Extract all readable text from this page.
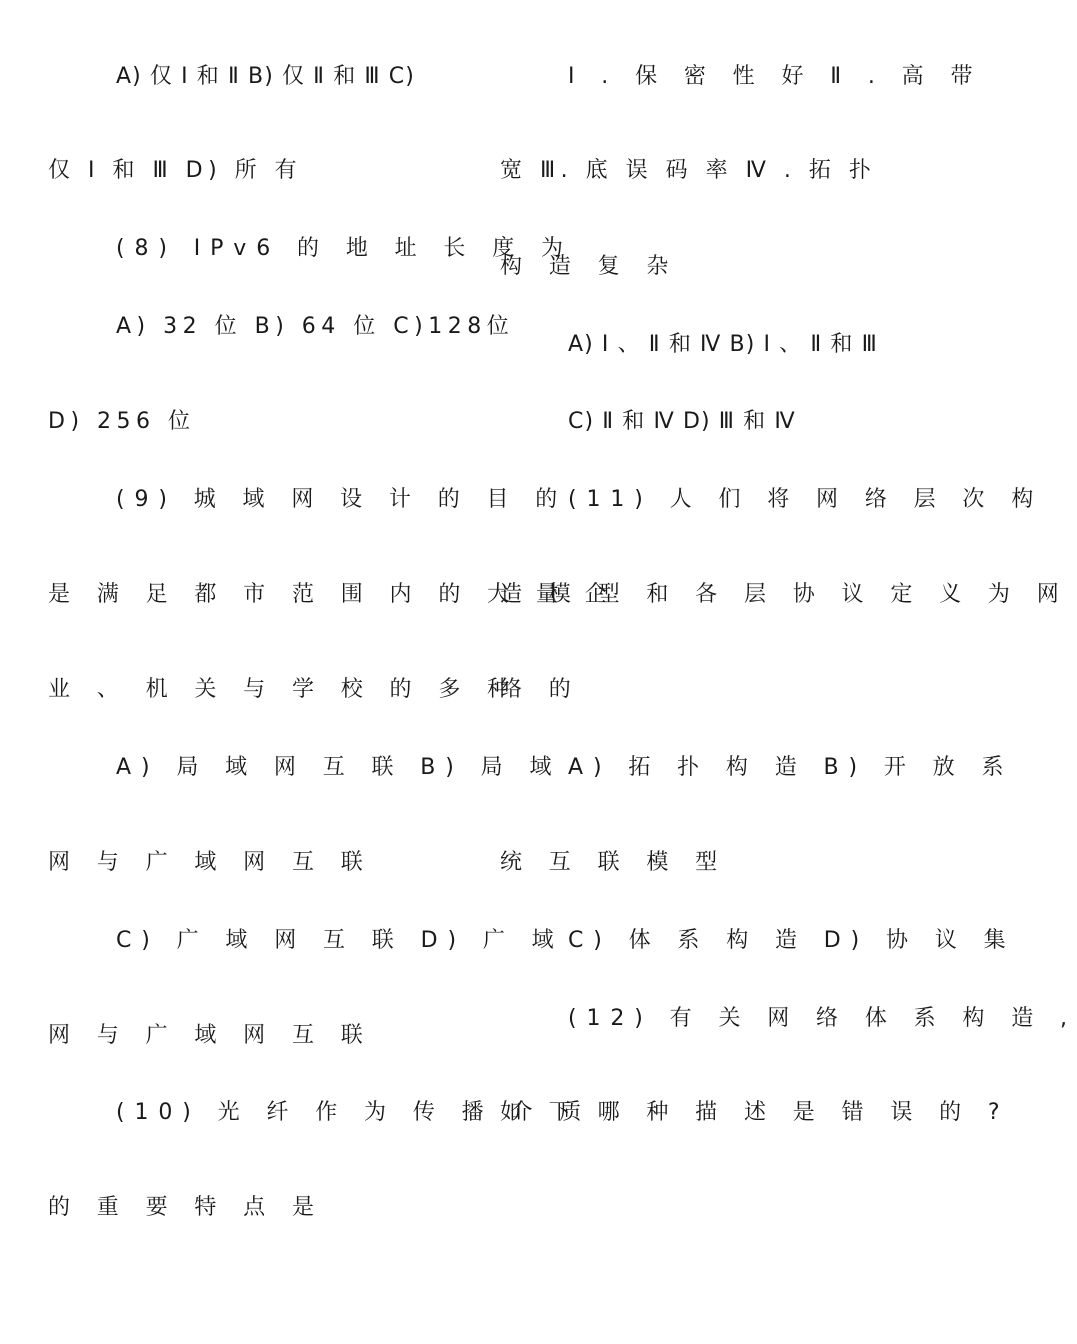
A) 仅 Ⅰ 和 Ⅱ B) 仅 Ⅱ 和 Ⅲ C)
仅 Ⅰ 和 Ⅲ D) 所 有
(8) IPv6 的 地 址 长 度 为
A) 32 位 B) 64 位 C)128位
D) 256 位
(9) 城 域 网 设 计 的 目 的
是 满 足 都 市 范 围 内 的 大 量 企
业 、 机 关 与 学 校 的 多 种
A) 局 域 网 互 联 B) 局 域
网 与 广 域 网 互 联
C) 广 域 网 互 联 D) 广 域
网 与 广 域 网 互 联
(10) 光 纤 作 为 传 播 介 质
的 重 要 特 点 是
Ⅰ . 保 密 性 好 Ⅱ . 高 带
宽 Ⅲ. 底 误 码 率 Ⅳ . 拓 扑
构 造 复 杂
A) Ⅰ 、 Ⅱ 和 Ⅳ B) Ⅰ 、 Ⅱ 和 Ⅲ
C) Ⅱ 和 Ⅳ D) Ⅲ 和 Ⅳ
(11) 人 们 将 网 络 层 次 构
造 模 型 和 各 层 协 议 定 义 为 网
络 的
A) 拓 扑 构 造 B) 开 放 系
统 互 联 模 型
C) 体 系 构 造 D) 协 议 集
(12) 有 关 网 络 体 系 构 造 ,
如 下 哪 种 描 述 是 错 误 的 ?
